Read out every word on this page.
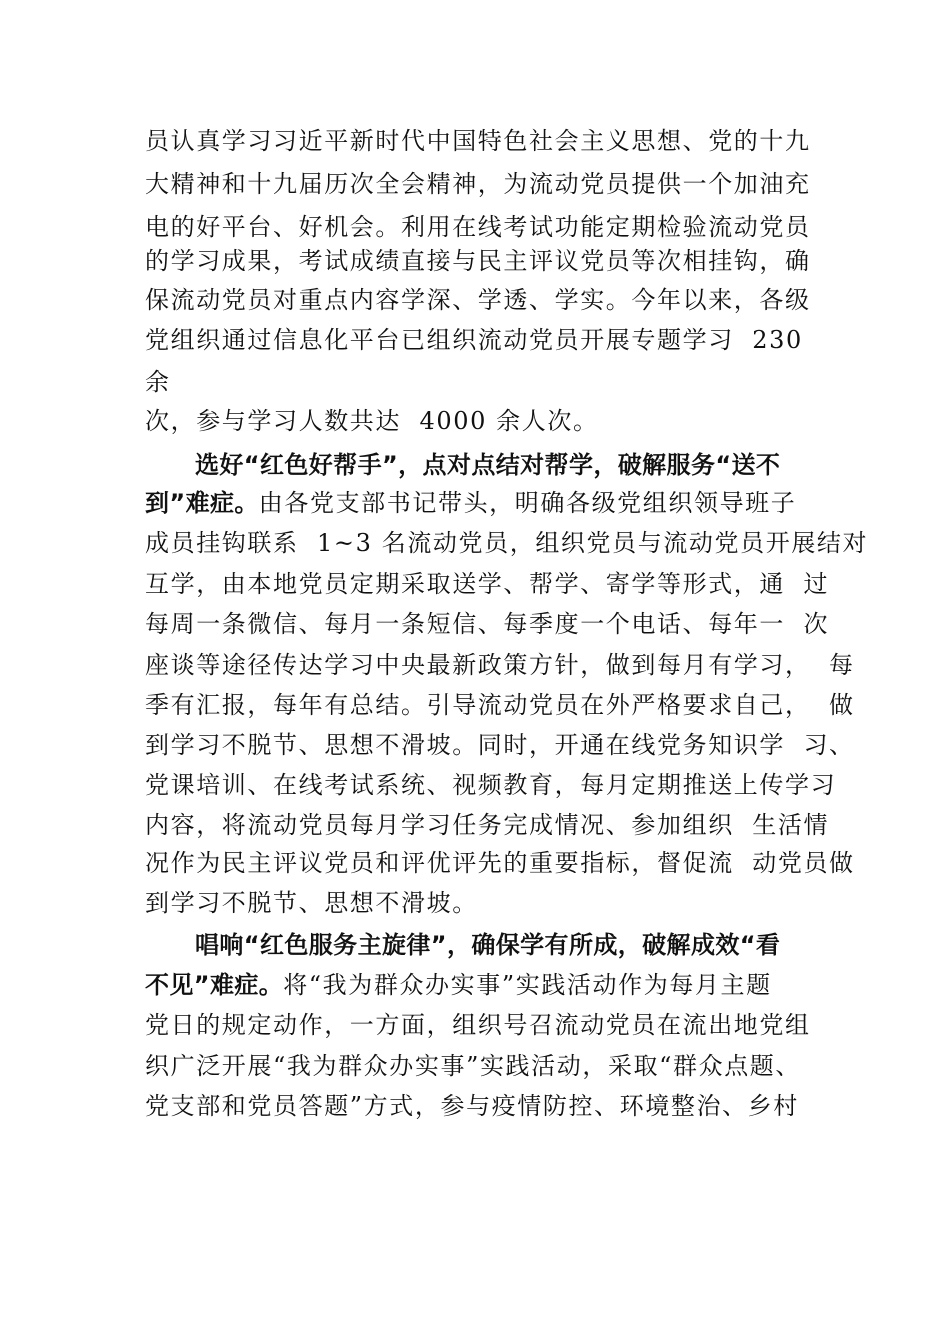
员认真学习习近平新时代中国特色社会主义思想、党的十九
大精神和十九届历次全会精神，为流动党员提供一个加油充
电的好平台、好机会。利用在线考试功能定期检验流动党员
的学习成果，考试成绩直接与民主评议党员等次相挂钩，确
保流动党员对重点内容学深、学透、学实。今年以来，各级
党组织通过信息化平台已组织流动党员开展专题学习  230
余
次，参与学习人数共达  4000 余人次。
选好“红色好帮手”，点对点结对帮学，破解服务“送不
到”难症。由各党支部书记带头，明确各级党组织领导班子
成员挂钩联系  1~3 名流动党员，组织党员与流动党员开展结对
互学，由本地党员定期采取送学、帮学、寄学等形式，通  过
每周一条微信、每月一条短信、每季度一个电话、每年一  次
座谈等途径传达学习中央最新政策方针，做到每月有学习，  每
季有汇报，每年有总结。引导流动党员在外严格要求自己，  做
到学习不脱节、思想不滑坡。同时，开通在线党务知识学  习、
党课培训、在线考试系统、视频教育，每月定期推送上传学习
内容，将流动党员每月学习任务完成情况、参加组织  生活情
况作为民主评议党员和评优评先的重要指标，督促流  动党员做
到学习不脱节、思想不滑坡。
唱响“红色服务主旋律”，确保学有所成，破解成效“看
不见”难症。将“我为群众办实事”实践活动作为每月主题
党日的规定动作，一方面，组织号召流动党员在流出地党组
织广泛开展“我为群众办实事”实践活动，采取“群众点题、
党支部和党员答题”方式，参与疫情防控、环境整治、乡村
